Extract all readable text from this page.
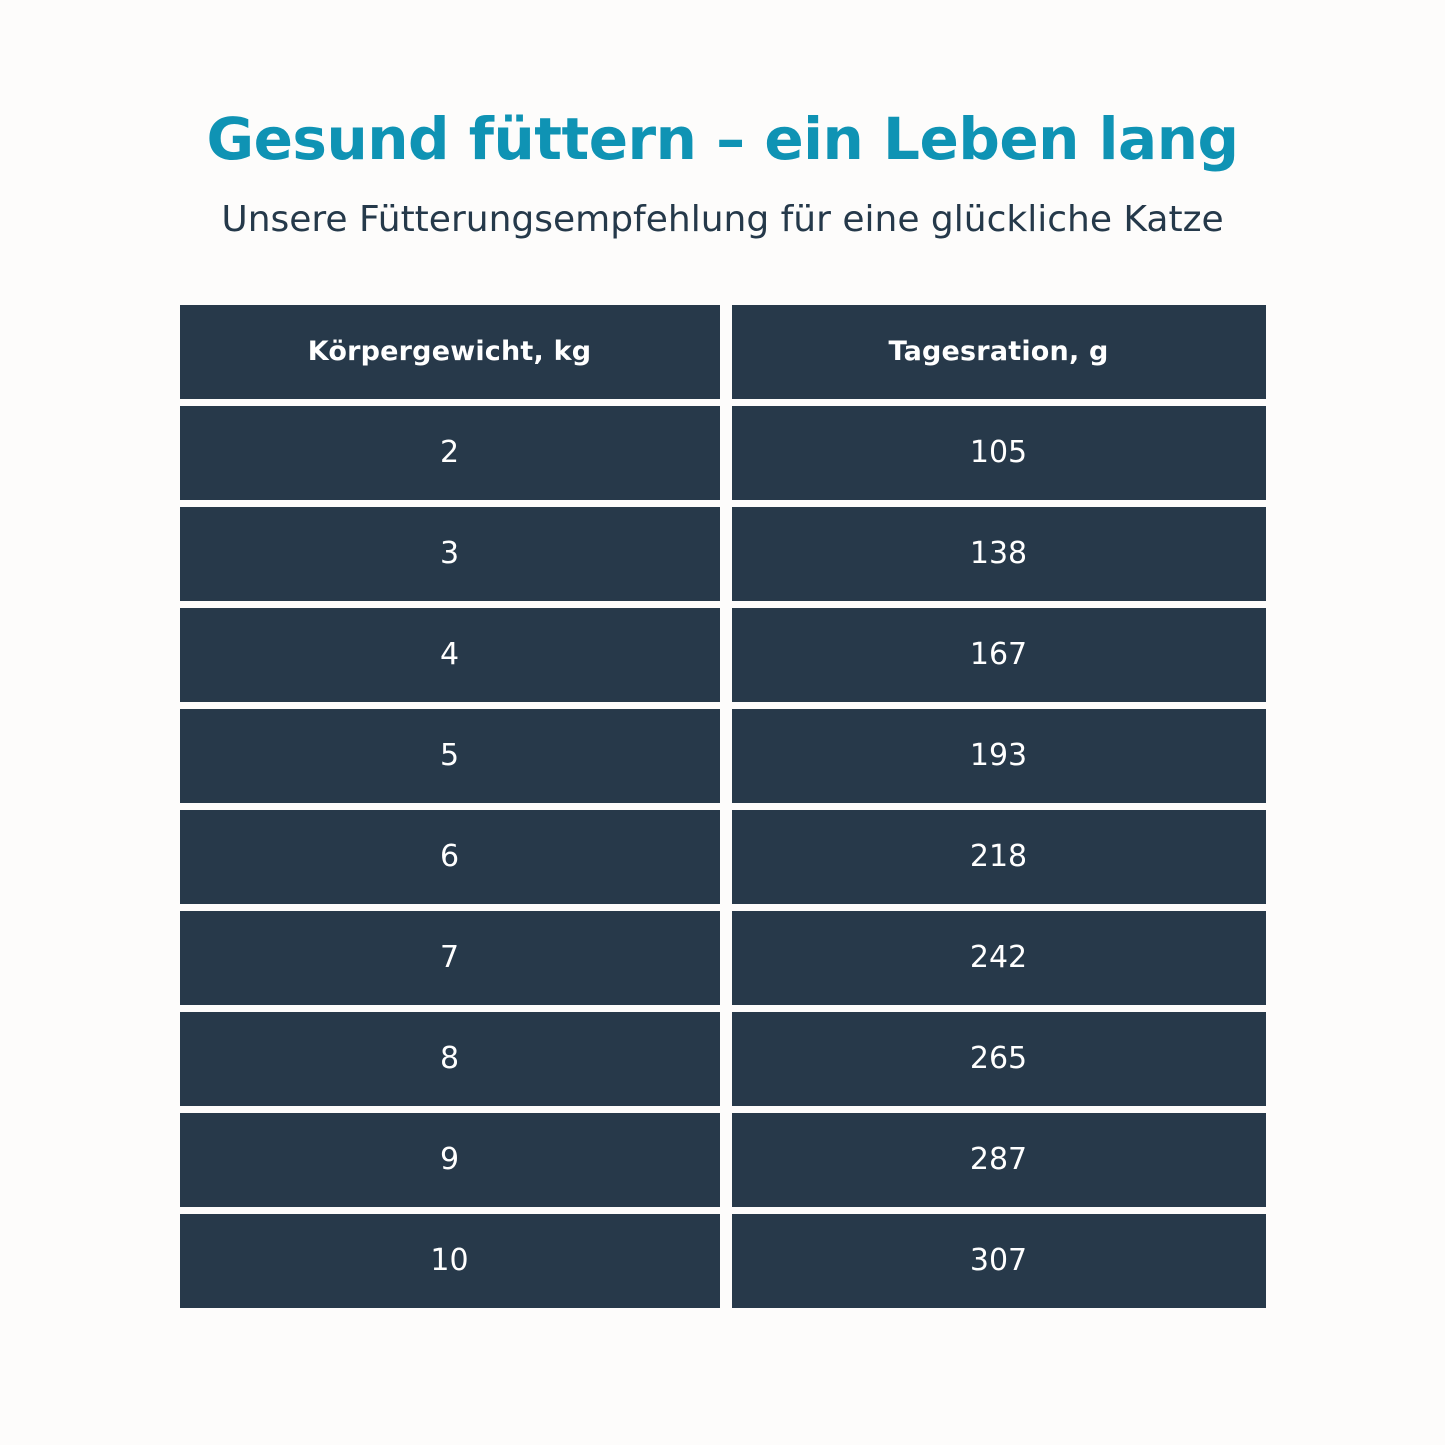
Gesund füttern – ein Leben lang
Unsere Fütterungsempfehlung für eine glückliche Katze
Körpergewicht, kg	Tagesration, g
2	105
3	138
4	167
5	193
6	218
7	242
8	265
9	287
10	307
